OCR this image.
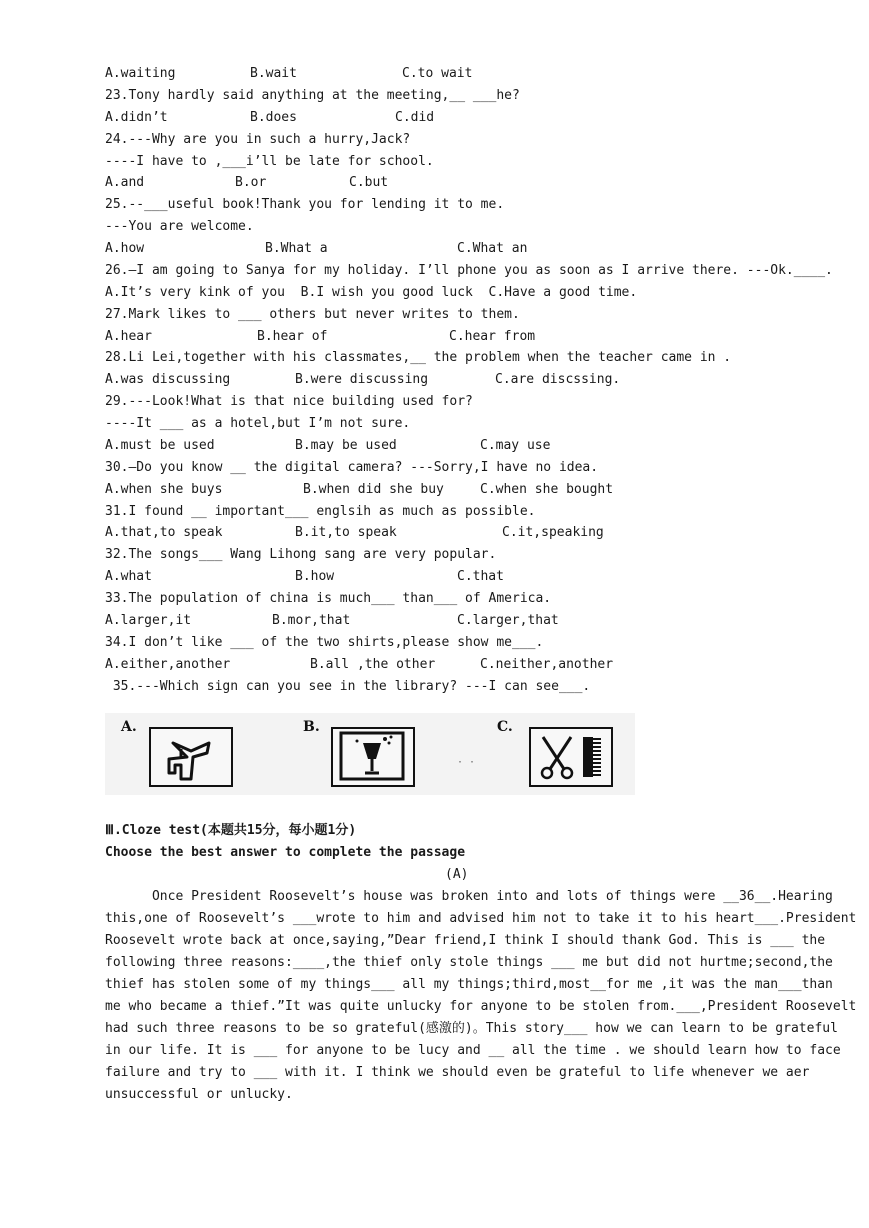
A.waiting	B.wait	C.to wait
23.Tony hardly said anything at the meeting,__ ___he?
A.didn’t	B.does	C.did
24.---Why are you in such a hurry,Jack?
----I have to ,___i’ll be late for school.
A.and	B.or	C.but
25.--___useful book!Thank you for lending it to me.
---You are welcome.
A.how	B.What a	C.What an
26.—I am going to Sanya for my holiday. I’ll phone you as soon as I arrive there. ---Ok.____.
A.It’s very kink of you  B.I wish you good luck  C.Have a good time.
27.Mark likes to ___ others but never writes to them.
A.hear	B.hear of	C.hear from
28.Li Lei,together with his classmates,__ the problem when the teacher came in .
A.was discussing	B.were discussing	C.are discssing.
29.---Look!What is that nice building used for?
----It ___ as a hotel,but I’m not sure.
A.must be used	B.may be used	C.may use
30.—Do you know __ the digital camera? ---Sorry,I have no idea.
A.when she buys	B.when did she buy	C.when she bought
31.I found __ important___ englsih as much as possible.
A.that,to speak	B.it,to speak	C.it,speaking
32.The songs___ Wang Lihong sang are very popular.
A.what	B.how	C.that
33.The population of china is much___ than___ of America.
A.larger,it	B.mor,that	C.larger,that
34.I don’t like ___ of the two shirts,please show me___.
A.either,another	B.all ,the other	C.neither,another
35.---Which sign can you see in the library? ---I can see___.
A.	B.
· ·
C.
Ⅲ.Cloze test(本题共15分，每小题1分)
Choose the best answer to complete the passage
(A)
Once President Roosevelt’s house was broken into and lots of things were __36__.Hearing
this,one of Roosevelt’s ___wrote to him and advised him not to take it to his heart___.President
Roosevelt wrote back at once,saying,”Dear friend,I think I should thank God. This is ___ the
following three reasons:____,the thief only stole things ___ me but did not hurtme;second,the
thief has stolen some of my things___ all my things;third,most__for me ,it was the man___than
me who became a thief.”It was quite unlucky for anyone to be stolen from.___,President Roosevelt
had such three reasons to be so grateful(感激的)。This story___ how we can learn to be grateful
in our life. It is ___ for anyone to be lucy and __ all the time . we should learn how to face
failure and try to ___ with it. I think we should even be grateful to life whenever we aer
unsuccessful or unlucky.
